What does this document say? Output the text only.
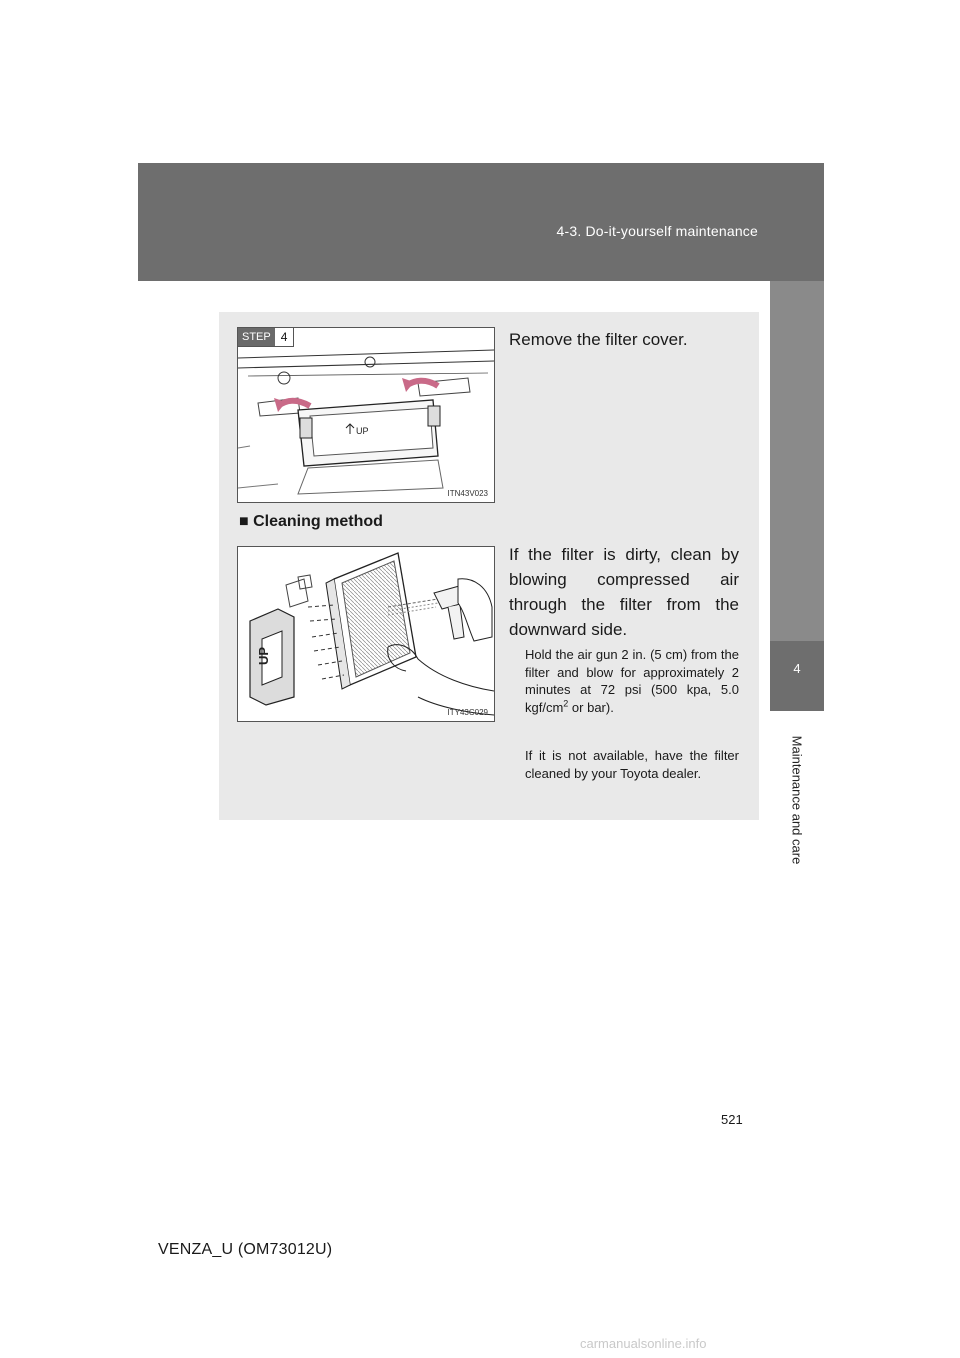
4-3. Do-it-yourself maintenance
4
Maintenance and care
UP
STEP 4
ITN43V023
Remove the filter cover.
■ Cleaning method
UP
ITY43C029
If the filter is dirty, clean by blowing compressed air through the filter from the downward side.
Hold the air gun 2 in. (5 cm) from the filter and blow for approximately 2 minutes at 72 psi (500 kpa, 5.0 kgf/$cm^2$ or bar).
If it is not available, have the filter cleaned by your Toyota dealer.
521
VENZA_U (OM73012U)
carmanualsonline.info
